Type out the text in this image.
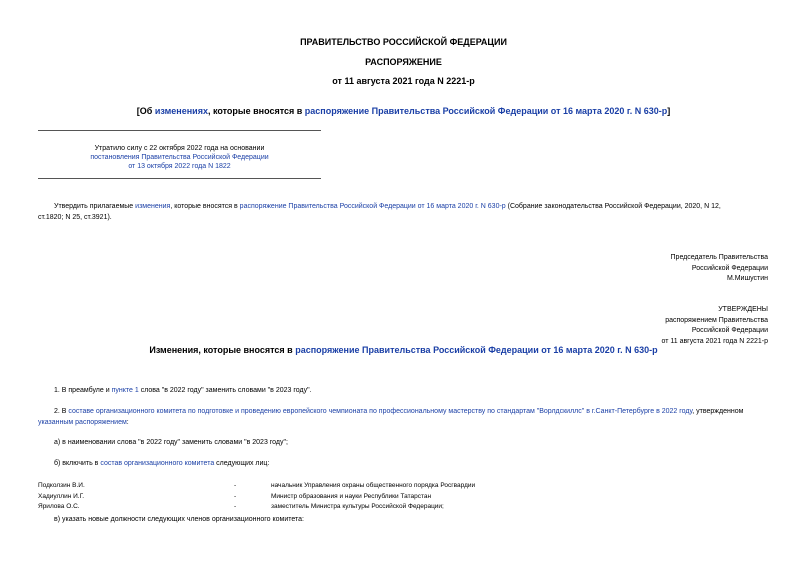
ПРАВИТЕЛЬСТВО РОССИЙСКОЙ ФЕДЕРАЦИИ
РАСПОРЯЖЕНИЕ
от 11 августа 2021 года N 2221-р
[Об изменениях, которые вносятся в распоряжение Правительства Российской Федерации от 16 марта 2020 г. N 630-р]
Утратило силу с 22 октября 2022 года на основании
постановления Правительства Российской Федерации
от 13 октября 2022 года N 1822
Утвердить прилагаемые изменения, которые вносятся в распоряжение Правительства Российской Федерации от 16 марта 2020 г. N 630-р (Собрание законодательства Российской Федерации, 2020, N 12,
ст.1820; N 25, ст.3921).
Председатель Правительства
Российской Федерации
М.Мишустин
УТВЕРЖДЕНЫ
распоряжением Правительства
Российской Федерации
от 11 августа 2021 года N 2221-р
Изменения, которые вносятся в распоряжение Правительства Российской Федерации от 16 марта 2020 г. N 630-р
1. В преамбуле и пункте 1 слова "в 2022 году" заменить словами "в 2023 году".
2. В составе организационного комитета по подготовке и проведению европейского чемпионата по профессиональному мастерству по стандартам "Ворлдскиллс" в г.Санкт-Петербурге в 2022 году, утвержденном
указанным распоряжением:
а) в наименовании слова "в 2022 году" заменить словами "в 2023 году";
б) включить в состав организационного комитета следующих лиц:
Подколзин В.И.	-	начальник Управления охраны общественного порядка Росгвардии
Хадиуллин И.Г.	-	Министр образования и науки Республики Татарстан
Ярилова О.С.	-	заместитель Министра культуры Российской Федерации;
в) указать новые должности следующих членов организационного комитета:
